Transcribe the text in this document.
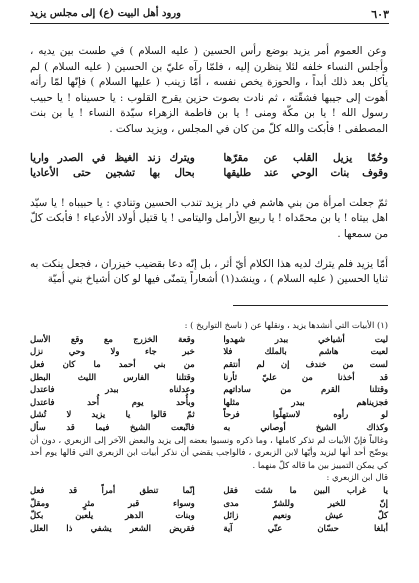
٦٠٣
ورود أهل البيت (ع) إلى مجلس يزيد

وعن العموم أمر يزيد بوضع رأس الحسين ( عليه السلام ) في طست بين يديه ، وأجلس النساء خلفه لئلا ينظرن إليه ، فلمّا رآه عليّ بن الحسين ( عليه السلام ) لم يأكل بعد ذلك أبداً ، والحوزة يخص نفسه ، أمّا زينب ( عليها السلام ) فإنّها لمّا رأته أهوت إلى جيبها فشقّته ، ثم نادت بصوت حزين يقرح القلوب : يا حسيناه ! يا حبيب رسول الله ! يا بن مكّة ومنى ! يا بن فاطمة الزهراء سيّدة النساء ! يا بن بنت المصطفى ! فأبكت والله كلّ من كان في المجلس ، ويزيد ساكت .

وحُمّا يزيل القلب عن مقرّها
ويترك زند الغيظ في الصدر واريا
وقوف بنات الوحي عند طليقها
بحال بها تشجين حتى الأعاديا

ثمّ جعلت امرأة من بني هاشم في دار يزيد تندب الحسين وتنادي : يا حبيباه ! يا سيّد اهل بيتاه ! يا بن محمّداه ! يا ربيع الأرامل واليتامى ! يا قتيل أولاد الأدعياء ! فأبكت كلّ من سمعها .

أمّا يزيد فلم يترك لديه هذا الكلام أيّ أثر ، بل إنّه دعا بقضيب خيزران ، فجعل ينكت به ثنايا الحسين ( عليه السلام ) ، وينشد(١) أشعاراً يتمنّى فيها لو كان أشياخ بني أميّة

(١) الأبيات التي أنشدها يزيد ، ونقلها عن ( ناسخ التواريخ ) :

ليت أشياخي ببدر شهدوا
وقعة الخزرج مع وقع الأسل
لعبت هاشم بالملك فلا
خبر جاء ولا وحي نزل
لست من خندف إن لم أنتقم
من بني أحمد ما كان فعل
قد أخذنا من عليّ ثأرنا
وقتلنا الفارس الليث البطل
وقتلنا القرم من ساداتهم
وعدلناه ببدر فاعتدل
فجزيناهم ببدر مثلها
وبأُحد يوم أُحد فاعتدل
لو رأوه لاستهلّوا فرحاً
ثمّ قالوا يا يزيد لا تُشل
وكذاك الشيخ أوصاني به
فاتّبعت الشيخ فيما قد سأل

وغالباً فإنّ الأبيات لم تذكر كاملها ، وما ذكره ونسبوا بعضه إلى يزيد والبعض الآخر إلى الزبعري ، دون أن يوضّح أحد أنها ليزيد وأيّها لابن الزبعري ، فالواجب يقضي أن نذكر أبيات ابن الزبعري التي قالها يوم أحد كي يمكن التمييز بين ما قاله كلّ منهما .

قال ابن الزبعري :

يا غراب البين ما شئت فقل
إنّما تنطق أمراً قد فعل
إنّ للخير وللشرّ مدى
وسواء قبر مثرٍ ومقلّ
كلّ عيش ونعيم زائل
وبنات الدهر يلعبن بكلّ
أبلغا حسّان عنّي آية
فقريض الشعر يشفي ذا العلل
